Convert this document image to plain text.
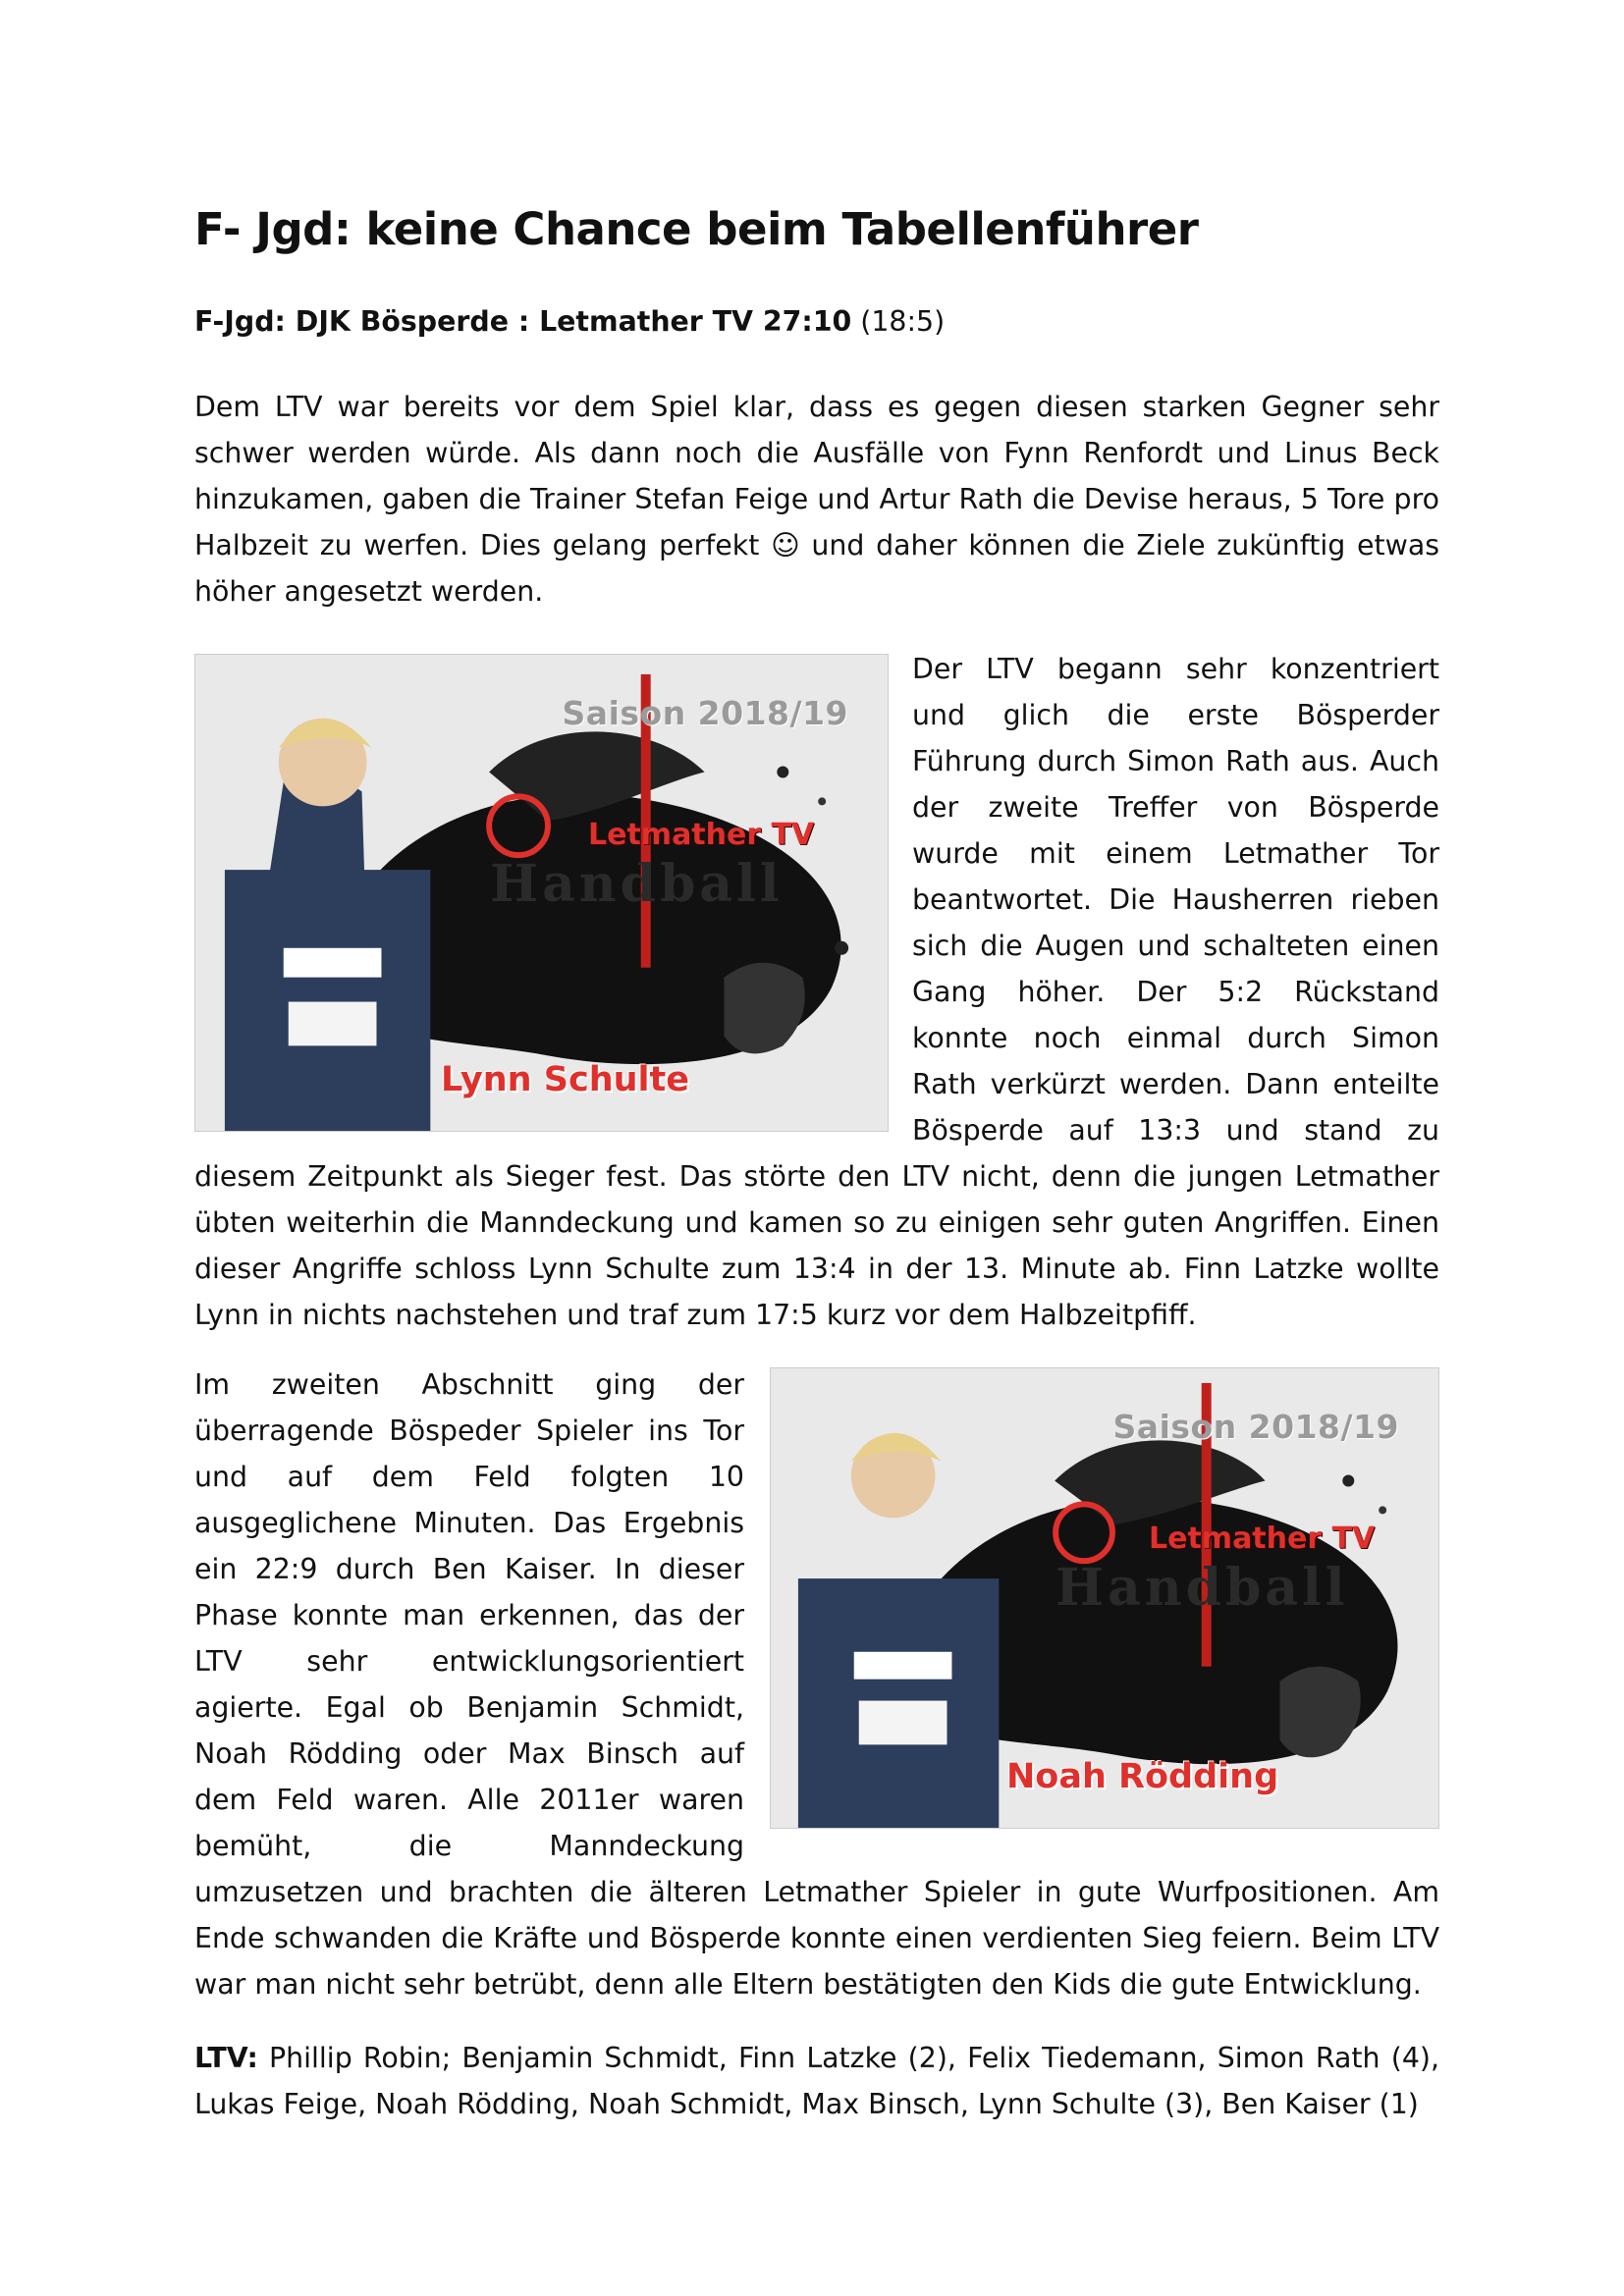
F- Jgd: keine Chance beim Tabellenführer

F-Jgd: DJK Bösperde : Letmather TV 27:10 (18:5)

Dem LTV war bereits vor dem Spiel klar, dass es gegen diesen starken Gegner sehr schwer werden würde. Als dann noch die Ausfälle von Fynn Renfordt und Linus Beck hinzukamen, gaben die Trainer Stefan Feige und Artur Rath die Devise heraus, 5 Tore pro Halbzeit zu werfen. Dies gelang perfekt ☺ und daher können die Ziele zukünftig etwas höher angesetzt werden.

Saison 2018/19
Letmather TV
Handball
Lynn Schulte

Der LTV begann sehr konzentriert und glich die erste Bösperder Führung durch Simon Rath aus. Auch der zweite Treffer von Bösperde wurde mit einem Letmather Tor beantwortet. Die Hausherren rieben sich die Augen und schalteten einen Gang höher. Der 5:2 Rückstand konnte noch einmal durch Simon Rath verkürzt werden. Dann enteilte Bösperde auf 13:3 und stand zu diesem Zeitpunkt als Sieger fest. Das störte den LTV nicht, denn die jungen Letmather übten weiterhin die Manndeckung und kamen so zu einigen sehr guten Angriffen. Einen dieser Angriffe schloss Lynn Schulte zum 13:4 in der 13. Minute ab. Finn Latzke wollte Lynn in nichts nachstehen und traf zum 17:5 kurz vor dem Halbzeitpfiff.

Saison 2018/19
Letmather TV
Handball
Noah Rödding

Im zweiten Abschnitt ging der überragende Böspeder Spieler ins Tor und auf dem Feld folgten 10 ausgeglichene Minuten. Das Ergebnis ein 22:9 durch Ben Kaiser. In dieser Phase konnte man erkennen, das der LTV sehr entwicklungsorientiert agierte. Egal ob Benjamin Schmidt, Noah Rödding oder Max Binsch auf dem Feld waren. Alle 2011er waren bemüht, die Manndeckung umzusetzen und brachten die älteren Letmather Spieler in gute Wurfpositionen. Am Ende schwanden die Kräfte und Bösperde konnte einen verdienten Sieg feiern. Beim LTV war man nicht sehr betrübt, denn alle Eltern bestätigten den Kids die gute Entwicklung.

LTV: Phillip Robin; Benjamin Schmidt, Finn Latzke (2), Felix Tiedemann, Simon Rath (4), Lukas Feige, Noah Rödding, Noah Schmidt, Max Binsch, Lynn Schulte (3), Ben Kaiser (1)
